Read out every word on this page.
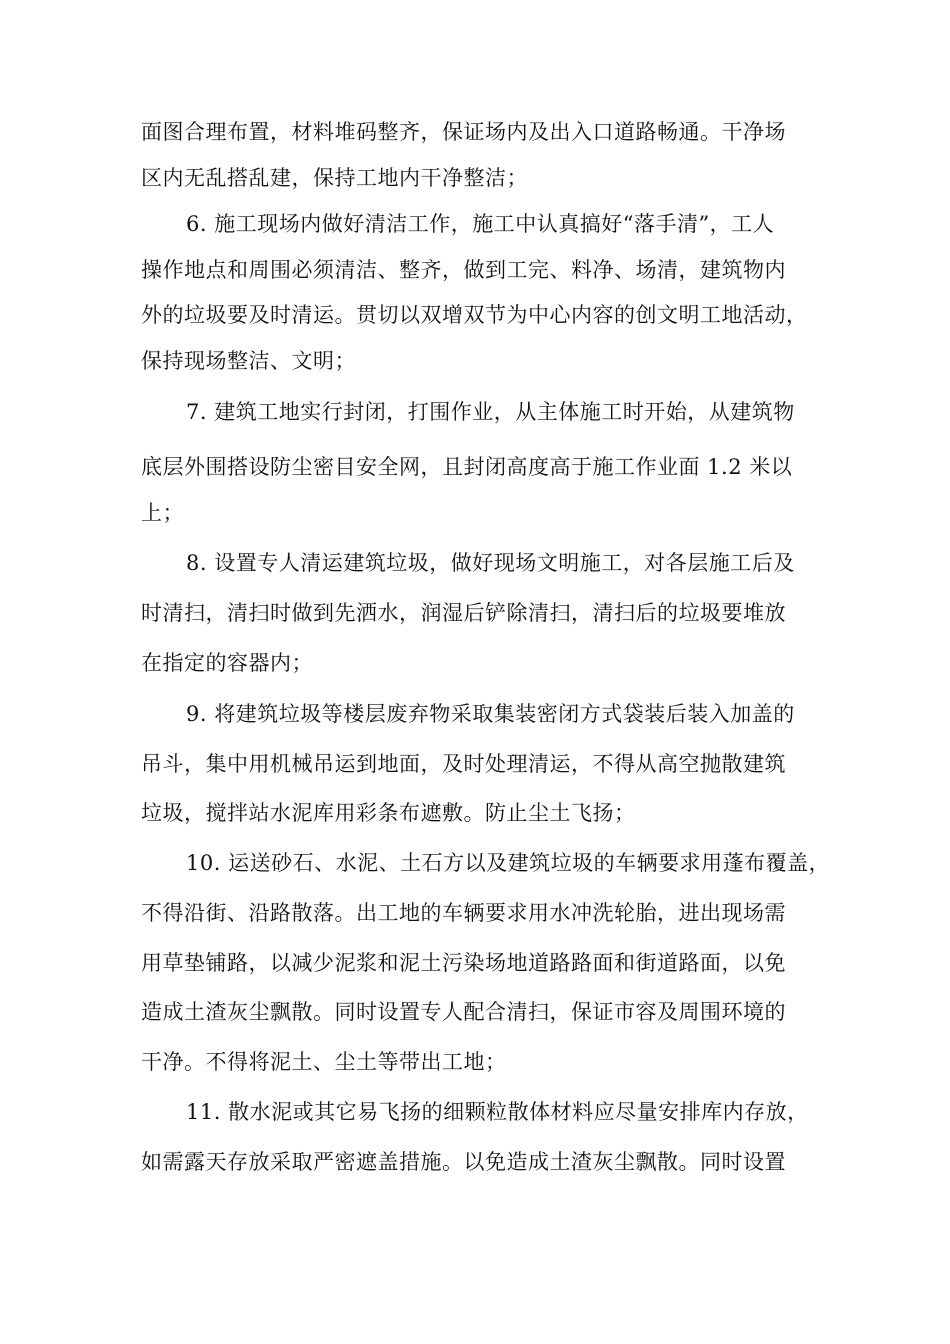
面图合理布置，材料堆码整齐，保证场内及出入口道路畅通。干净场
区内无乱搭乱建，保持工地内干净整洁；
6. 施工现场内做好清洁工作，施工中认真搞好“落手清”，工人
操作地点和周围必须清洁、整齐，做到工完、料净、场清，建筑物内
外的垃圾要及时清运。贯切以双增双节为中心内容的创文明工地活动，
保持现场整洁、文明；
7. 建筑工地实行封闭，打围作业，从主体施工时开始，从建筑物
底层外围搭设防尘密目安全网，且封闭高度高于施工作业面 1.2 米以
上；
8. 设置专人清运建筑垃圾，做好现场文明施工，对各层施工后及
时清扫，清扫时做到先洒水，润湿后铲除清扫，清扫后的垃圾要堆放
在指定的容器内；
9. 将建筑垃圾等楼层废弃物采取集装密闭方式袋装后装入加盖的
吊斗，集中用机械吊运到地面，及时处理清运，不得从高空抛散建筑
垃圾，搅拌站水泥库用彩条布遮敷。防止尘土飞扬；
10. 运送砂石、水泥、土石方以及建筑垃圾的车辆要求用蓬布覆盖，
不得沿街、沿路散落。出工地的车辆要求用水冲洗轮胎，进出现场需
用草垫铺路，以减少泥浆和泥土污染场地道路路面和街道路面，以免
造成土渣灰尘飘散。同时设置专人配合清扫，保证市容及周围环境的
干净。不得将泥土、尘土等带出工地；
11. 散水泥或其它易飞扬的细颗粒散体材料应尽量安排库内存放，
如需露天存放采取严密遮盖措施。以免造成土渣灰尘飘散。同时设置
